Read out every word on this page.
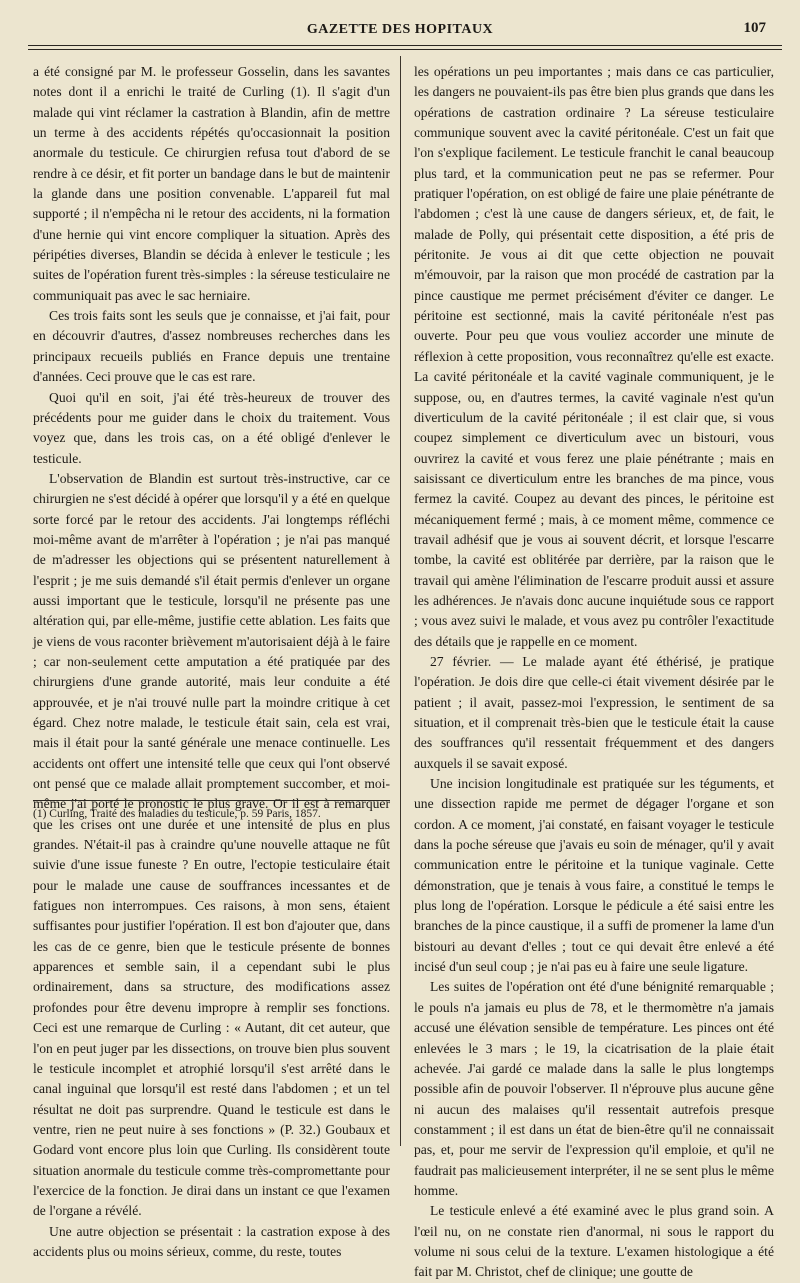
GAZETTE DES HOPITAUX	107

a été consigné par M. le professeur Gosselin, dans les savantes notes dont il a enrichi le traité de Curling (1). Il s'agit d'un malade qui vint réclamer la castration à Blandin, afin de mettre un terme à des accidents répétés qu'occasionnait la position anormale du testicule. Ce chirurgien refusa tout d'abord de se rendre à ce désir, et fit porter un bandage dans le but de maintenir la glande dans une position convenable. L'appareil fut mal supporté ; il n'empêcha ni le retour des accidents, ni la formation d'une hernie qui vint encore compliquer la situation. Après des péripéties diverses, Blandin se décida à enlever le testicule ; les suites de l'opération furent très-simples : la séreuse testiculaire ne communiquait pas avec le sac herniaire.

Ces trois faits sont les seuls que je connaisse, et j'ai fait, pour en découvrir d'autres, d'assez nombreuses recherches dans les principaux recueils publiés en France depuis une trentaine d'années. Ceci prouve que le cas est rare.

Quoi qu'il en soit, j'ai été très-heureux de trouver des précédents pour me guider dans le choix du traitement. Vous voyez que, dans les trois cas, on a été obligé d'enlever le testicule.

L'observation de Blandin est surtout très-instructive, car ce chirurgien ne s'est décidé à opérer que lorsqu'il y a été en quelque sorte forcé par le retour des accidents. J'ai longtemps réfléchi moi-même avant de m'arrêter à l'opération ; je n'ai pas manqué de m'adresser les objections qui se présentent naturellement à l'esprit ; je me suis demandé s'il était permis d'enlever un organe aussi important que le testicule, lorsqu'il ne présente pas une altération qui, par elle-même, justifie cette ablation. Les faits que je viens de vous raconter brièvement m'autorisaient déjà à le faire ; car non-seulement cette amputation a été pratiquée par des chirurgiens d'une grande autorité, mais leur conduite a été approuvée, et je n'ai trouvé nulle part la moindre critique à cet égard. Chez notre malade, le testicule était sain, cela est vrai, mais il était pour la santé générale une menace continuelle. Les accidents ont offert une intensité telle que ceux qui l'ont observé ont pensé que ce malade allait promptement succomber, et moi-même j'ai porté le pronostic le plus grave. Or il est à remarquer que les crises ont une durée et une intensité de plus en plus grandes. N'était-il pas à craindre qu'une nouvelle attaque ne fût suivie d'une issue funeste ? En outre, l'ectopie testiculaire était pour le malade une cause de souffrances incessantes et de fatigues non interrompues. Ces raisons, à mon sens, étaient suffisantes pour justifier l'opération. Il est bon d'ajouter que, dans les cas de ce genre, bien que le testicule présente de bonnes apparences et semble sain, il a cependant subi le plus ordinairement, dans sa structure, des modifications assez profondes pour être devenu impropre à remplir ses fonctions. Ceci est une remarque de Curling : « Autant, dit cet auteur, que l'on en peut juger par les dissections, on trouve bien plus souvent le testicule incomplet et atrophié lorsqu'il s'est arrêté dans le canal inguinal que lorsqu'il est resté dans l'abdomen ; et un tel résultat ne doit pas surprendre. Quand le testicule est dans le ventre, rien ne peut nuire à ses fonctions » (P. 32.) Goubaux et Godard vont encore plus loin que Curling. Ils considèrent toute situation anormale du testicule comme très-compromettante pour l'exercice de la fonction. Je dirai dans un instant ce que l'examen de l'organe a révélé.

Une autre objection se présentait : la castration expose à des accidents plus ou moins sérieux, comme, du reste, toutes

(1) Curling, Traité des maladies du testicule, p. 59 Paris, 1857.

les opérations un peu importantes ; mais dans ce cas particulier, les dangers ne pouvaient-ils pas être bien plus grands que dans les opérations de castration ordinaire ? La séreuse testiculaire communique souvent avec la cavité péritonéale. C'est un fait que l'on s'explique facilement. Le testicule franchit le canal beaucoup plus tard, et la communication peut ne pas se refermer. Pour pratiquer l'opération, on est obligé de faire une plaie pénétrante de l'abdomen ; c'est là une cause de dangers sérieux, et, de fait, le malade de Polly, qui présentait cette disposition, a été pris de péritonite. Je vous ai dit que cette objection ne pouvait m'émouvoir, par la raison que mon procédé de castration par la pince caustique me permet précisément d'éviter ce danger. Le péritoine est sectionné, mais la cavité péritonéale n'est pas ouverte. Pour peu que vous vouliez accorder une minute de réflexion à cette proposition, vous reconnaîtrez qu'elle est exacte. La cavité péritonéale et la cavité vaginale communiquent, je le suppose, ou, en d'autres termes, la cavité vaginale n'est qu'un diverticulum de la cavité péritonéale ; il est clair que, si vous coupez simplement ce diverticulum avec un bistouri, vous ouvrirez la cavité et vous ferez une plaie pénétrante ; mais en saisissant ce diverticulum entre les branches de ma pince, vous fermez la cavité. Coupez au devant des pinces, le péritoine est mécaniquement fermé ; mais, à ce moment même, commence ce travail adhésif que je vous ai souvent décrit, et lorsque l'escarre tombe, la cavité est oblitérée par derrière, par la raison que le travail qui amène l'élimination de l'escarre produit aussi et assure les adhérences. Je n'avais donc aucune inquiétude sous ce rapport ; vous avez suivi le malade, et vous avez pu contrôler l'exactitude des détails que je rappelle en ce moment.

27 février. — Le malade ayant été éthérisé, je pratique l'opération. Je dois dire que celle-ci était vivement désirée par le patient ; il avait, passez-moi l'expression, le sentiment de sa situation, et il comprenait très-bien que le testicule était la cause des souffrances qu'il ressentait fréquemment et des dangers auxquels il se savait exposé.

Une incision longitudinale est pratiquée sur les téguments, et une dissection rapide me permet de dégager l'organe et son cordon. A ce moment, j'ai constaté, en faisant voyager le testicule dans la poche séreuse que j'avais eu soin de ménager, qu'il y avait communication entre le péritoine et la tunique vaginale. Cette démonstration, que je tenais à vous faire, a constitué le temps le plus long de l'opération. Lorsque le pédicule a été saisi entre les branches de la pince caustique, il a suffi de promener la lame d'un bistouri au devant d'elles ; tout ce qui devait être enlevé a été incisé d'un seul coup ; je n'ai pas eu à faire une seule ligature.

Les suites de l'opération ont été d'une bénignité remarquable ; le pouls n'a jamais eu plus de 78, et le thermomètre n'a jamais accusé une élévation sensible de température. Les pinces ont été enlevées le 3 mars ; le 19, la cicatrisation de la plaie était achevée. J'ai gardé ce malade dans la salle le plus longtemps possible afin de pouvoir l'observer. Il n'éprouve plus aucune gêne ni aucun des malaises qu'il ressentait autrefois presque constamment ; il est dans un état de bien-être qu'il ne connaissait pas, et, pour me servir de l'expression qu'il emploie, et qu'il ne faudrait pas malicieusement interpréter, il ne se sent plus le même homme.

Le testicule enlevé a été examiné avec le plus grand soin. A l'œil nu, on ne constate rien d'anormal, ni sous le rapport du volume ni sous celui de la texture. L'examen histologique a été fait par M. Christot, chef de clinique; une goutte de
